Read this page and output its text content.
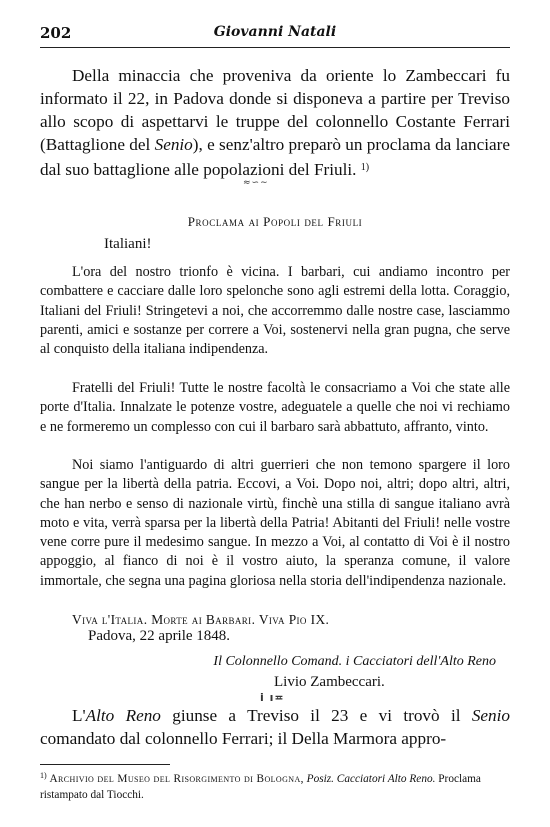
202	Giovanni Natali

Della minaccia che proveniva da oriente lo Zambeccari fu informato il 22, in Padova donde si disponeva a partire per Treviso allo scopo di aspettarvi le truppe del colonnello Costante Ferrari (Battaglione del Senio), e senz'altro preparò un proclama da lanciare dal suo battaglione alle popolazioni del Friuli. $^{1)}$

≈∽∼
Proclama ai Popoli del Friuli
Italiani!

L'ora del nostro trionfo è vicina. I barbari, cui andiamo incontro per combattere e cacciare dalle loro spelonche sono agli estremi della lotta. Coraggio, Italiani del Friuli! Stringetevi a noi, che accorremmo dalle nostre case, lasciammo parenti, amici e sostanze per correre a Voi, sostenervi nella gran pugna, che serve al conquisto della italiana indipendenza.

Fratelli del Friuli! Tutte le nostre facoltà le consacriamo a Voi che state alle porte d'Italia. Innalzate le potenze vostre, adeguatele a quelle che noi vi rechiamo e ne formeremo un complesso con cui il barbaro sarà abbattuto, affranto, vinto.

Noi siamo l'antiguardo di altri guerrieri che non temono spargere il loro sangue per la libertà della patria. Eccovi, a Voi. Dopo noi, altri; dopo altri, altri, che han nerbo e senso di nazionale virtù, finchè una stilla di sangue italiano avrà moto e vita, verrà sparsa per la libertà della Patria! Abitanti del Friuli! nelle vostre vene corre pure il medesimo sangue. In mezzo a Voi, al contatto di Voi è il nostro appoggio, al fianco di noi è il vostro aiuto, la speranza comune, il valore immortale, che segna una pagina gloriosa nella storia dell'indipendenza nazionale.

Viva l'Italia. Morte ai Barbari. Viva Pio IX.

Padova, 22 aprile 1848.
Il Colonnello Comand. i Cacciatori dell'Alto Reno
Livio Zambeccari.
i ı≖

L'Alto Reno giunse a Treviso il 23 e vi trovò il Senio comandato dal colonnello Ferrari; il Della Marmora appro-

$^{1)}$ Archivio del Museo del Risorgimento di Bologna, Posiz. Cacciatori Alto Reno. Proclama ristampato dal Tiocchi.
